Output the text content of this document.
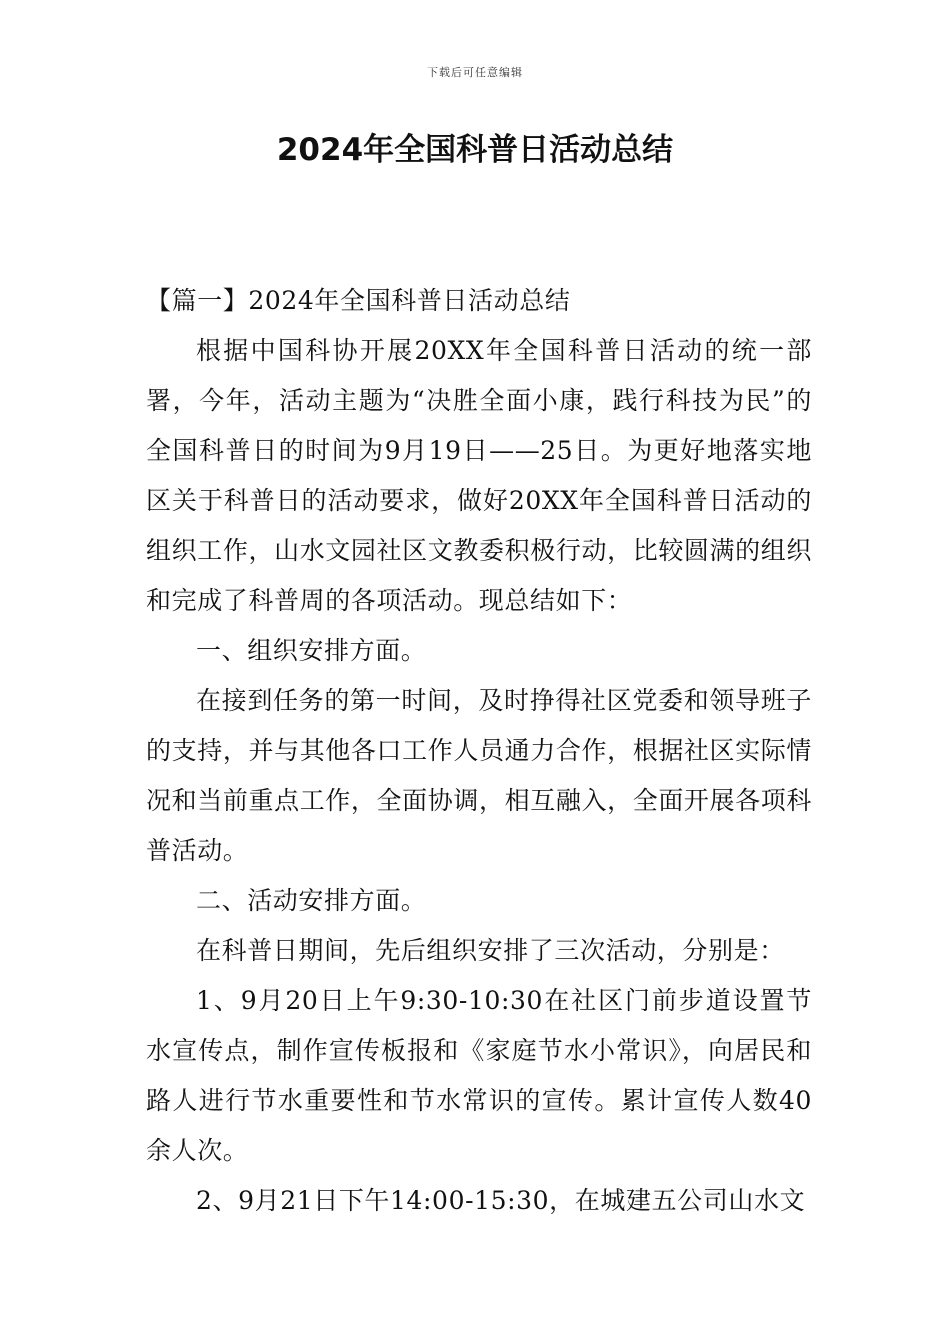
下载后可任意编辑
2024年全国科普日活动总结

【篇一】2024年全国科普日活动总结

根据中国科协开展20XX年全国科普日活动的统一部署，今年，活动主题为“决胜全面小康，践行科技为民”的全国科普日的时间为9月19日——25日。为更好地落实地区关于科普日的活动要求，做好20XX年全国科普日活动的组织工作，山水文园社区文教委积极行动，比较圆满的组织和完成了科普周的各项活动。现总结如下：

一、组织安排方面。

在接到任务的第一时间，及时挣得社区党委和领导班子的支持，并与其他各口工作人员通力合作，根据社区实际情况和当前重点工作，全面协调，相互融入，全面开展各项科普活动。

二、活动安排方面。

在科普日期间，先后组织安排了三次活动，分别是：

1、9月20日上午9:30-10:30在社区门前步道设置节水宣传点，制作宣传板报和《家庭节水小常识》，向居民和路人进行节水重要性和节水常识的宣传。累计宣传人数40余人次。

2、9月21日下午14:00-15:30，在城建五公司山水文
